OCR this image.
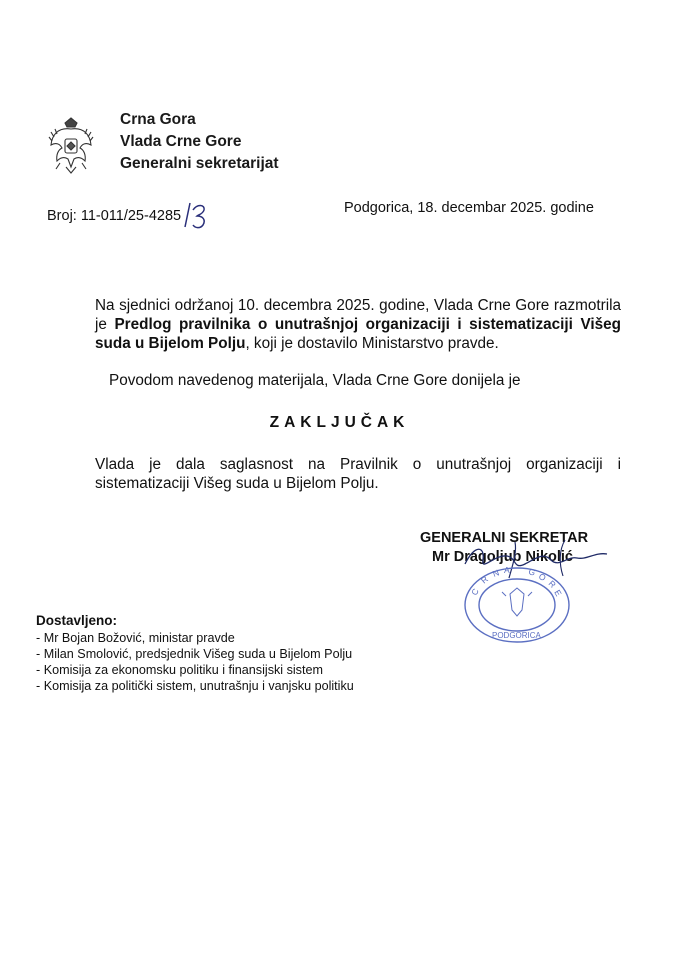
Crna Gora
Vlada Crne Gore
Generalni sekretarijat
Broj: 11-011/25-4285	Podgorica, 18. decembar 2025. godine
Na sjednici održanoj 10. decembra 2025. godine, Vlada Crne Gore razmotrila je Predlog pravilnika o unutrašnjoj organizaciji i sistematizaciji Višeg suda u Bijelom Polju, koji je dostavilo Ministarstvo pravde.
Povodom navedenog materijala, Vlada Crne Gore donijela je
ZAKLJUČAK
Vlada je dala saglasnost na Pravilnik o unutrašnjoj organizaciji i sistematizaciji Višeg suda u Bijelom Polju.
GENERALNI SEKRETAR
Mr Dragoljub Nikolić
C
R
N A G O
R
E
PODGORICA
Dostavljeno:
- Mr Bojan Božović, ministar pravde
- Milan Smolović, predsjednik Višeg suda u Bijelom Polju
- Komisija za ekonomsku politiku i finansijski sistem
- Komisija za politički sistem, unutrašnju i vanjsku politiku
